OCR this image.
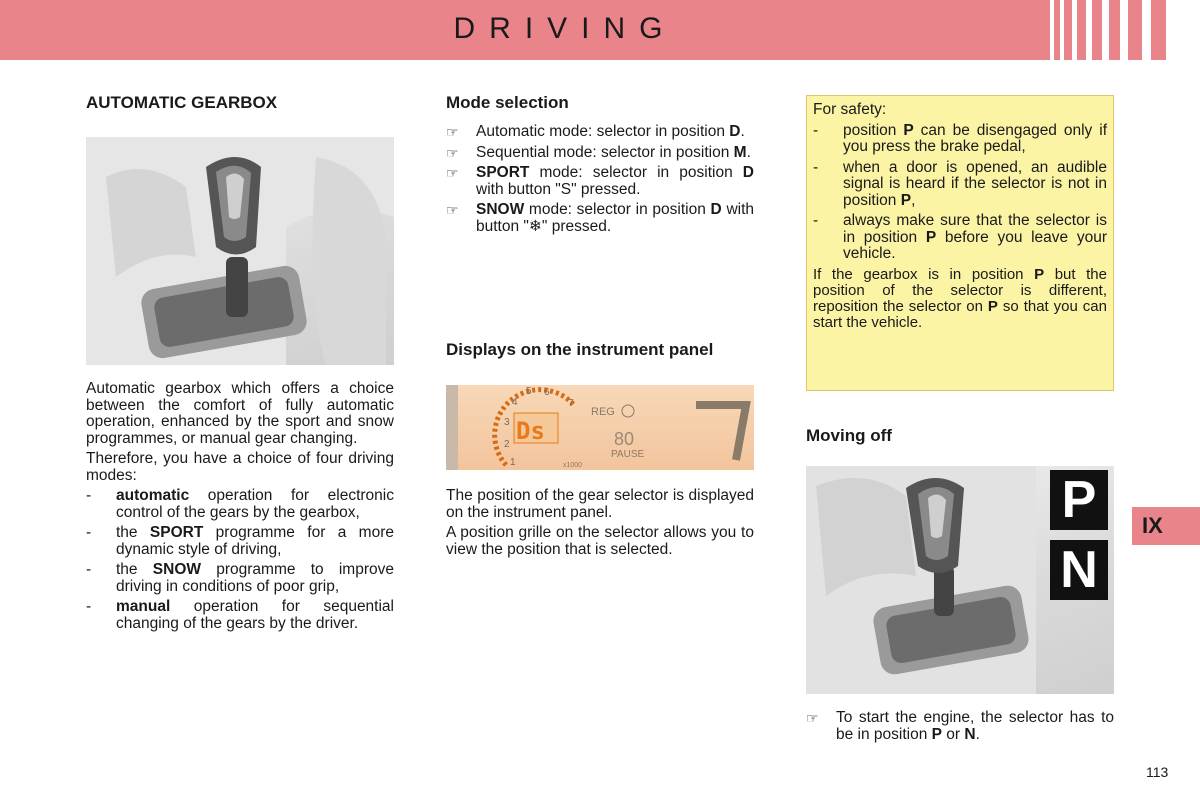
DRIVING
AUTOMATIC GEARBOX

Automatic gearbox which offers a choice between the comfort of fully automatic operation, enhanced by the sport and snow programmes, or manual gear changing.

Therefore, you have a choice of four driving modes:

-	automatic operation for electronic control of the gears by the gearbox,
-	the SPORT programme for a more dynamic style of driving,
-	the SNOW programme to improve driving in conditions of poor grip,
-	manual operation for sequential changing of the gears by the driver.
Mode selection
☞	Automatic mode: selector in position D.
☞	Sequential mode: selector in position M.
☞	SPORT mode: selector in position D with button "S" pressed.
☞	SNOW mode: selector in position D with button "❄" pressed.
Displays on the instrument panel
2
3
4
5 6
7
1
Ds
REG
80
PAUSE
x1000

The position of the gear selector is displayed on the instrument panel.

A position grille on the selector allows you to view the position that is selected.

For safety:

-	position P can be disengaged only if you press the brake pedal,
-	when a door is opened, an audible signal is heard if the selector is not in position P,
-	always make sure that the selector is in position P before you leave your vehicle.

If the gearbox is in position P but the position of the selector is different, reposition the selector on P so that you can start the vehicle.

Moving off
P
N
☞	To start the engine, the selector has to be in position P or N.
IX
113
